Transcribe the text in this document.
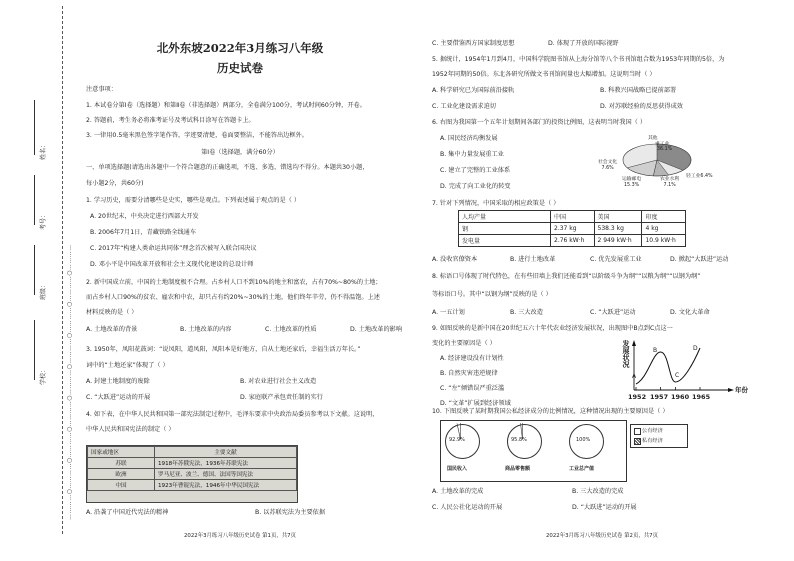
…………○…………○…………○…………○…………○…………○…………○…………○…………
姓名：
考号：
班级：
学校：
北外东坡2022年3月练习八年级
历史试卷
注意事项：
1. 本试卷分第Ⅰ卷（选择题）和第Ⅱ卷（非选择题）两部分，全卷满分100分，考试时间60分钟，开卷。
2. 答题前，考生务必将准考证号及考试科目涂写在答题卡上。
3. 一律用0.5毫米黑色签字笔作答，字迹要清楚，卷面要整洁，不能答出边框外。
第Ⅰ卷（选择题，满分60分）
一、单项选择题(请选出各题中一个符合题意的正确选项，不选、多选、错选均不得分。本题共30小题，
每小题2分，共60分)
1. 学习历史，需要分清哪些是史实，哪些是观点。下列表述属于观点的是（ ）
A. 20世纪末，中央决定进行西部大开发
B. 2006年7月1日，青藏铁路全线通车
C. 2017年“构建人类命运共同体”理念首次被写入联合国决议
D. 邓小平是中国改革开放和社会主义现代化建设的总设计师
2. 新中国成立前，中国的土地制度极不合理。占乡村人口不到10%的地主和富农，占有70%~80%的土地；
而占乡村人口90%的贫农、雇农和中农，却只占有约20%~30%的土地，他们终年辛劳，仍不得温饱。上述
材料反映的是（ ）
A. 土地改革的背景	B. 土地改革的内容	C. 土地改革的性质	D. 土地改革的影响
3. 1950年，凤阳花鼓词：“说凤阳，道凤阳，凤阳本是好地方，自从土地还家后，幸福生活万年长。”
词中的“土地还家”体现了（ ）
A. 封建土地制度的废除	B. 对农业进行社会主义改造
C. “大跃进”运动的开展	D. 家庭联产承包责任制的实行
4. 如下表，在中华人民共和国第一部宪法制定过程中，毛泽东要求中央政治局委员参考以下文献。这说明，
中华人民共和国宪法的制定（ ）
国家或地区	主要文献
苏联	1918年苏俄宪法，1936年苏联宪法
欧洲	罗马尼亚、波兰、德国、法国等国宪法
中国	1923年曹锟宪法，1946年中华民国宪法
A. 沿袭了中国近代宪法的精神	B. 以苏联宪法为主要依据
2022年3月练习八年级历史试卷 第1页，共7页
C. 主要借鉴西方国家制度思想	D. 体现了开放的国际视野
5. 据统计，1954年1月到4月，中国科学院图书馆从上海分馆等八个书刊馆组合数为1953年同期的5倍，为
1952年同期的50倍。东北各研究所做文书刊馆间量也大幅增加。这说明当时（ ）
A. 科学研究已为国际前沿接轨	B. 科教兴国战略已提前部署
C. 工业化建设需求迫切	D. 对苏联经验的反思获得成效
6. 右图为我国第一个五年计划期间各部门的投资比例图，这表明当时我国（ ）
A. 国民经济均衡发展
B. 集中力量发展重工业
C. 建立了完整的工业体系
D. 完成了向工业化的转变
重工业
36.1%
其他
轻工业6.4%
农业水利
7.1%
运输邮电
15.3%
社会文化
7.6%
7. 针对下列情况，中国采取的相应政策是（ ）
人均产量	中国	美国	印度
钢	2.37 kg	538.3 kg	4 kg
发电量	2.76 kW·h	2 949 kW·h	10.9 kW·h
A. 没收官僚资本	B. 进行土地改革	C. 优先发展重工业	D. 掀起“大跃进”运动
8. 标语口号体现了时代特色，在有些旧墙上我们还能看到“以阶级斗争为纲”“以粮为纲”“以钢为纲”
等标语口号。其中“以钢为纲”反映的是（ ）
A. 一五计划	B. 三大改造	C. “大跃进”运动	D. 文化大革命
9. 如图反映的是新中国在20世纪五六十年代农业经济发展状况，出现图中B点到C点这一
变化的主要原因是（ ）
A. 经济建设没有计划性
B. 自然灾害违逆规律
C. “左”倾错误严重泛滥
D. “文革”扩展到经济领域
发展状况
A
B
C
D
1952 1957 1960 1965
年份
10. 下图反映了某时期我国公私经济成分的比例情况，这种情况出现的主要原因是（ ）
92.9%	95.8%	100%
国民收入	商品零售额	工业总产值
公有经济
私有经济
A. 土地改革的完成	B. 三大改造的完成
C. 人民公社化运动的开展	D. “大跃进”运动的开展
2022年3月练习八年级历史试卷 第2页，共7页
